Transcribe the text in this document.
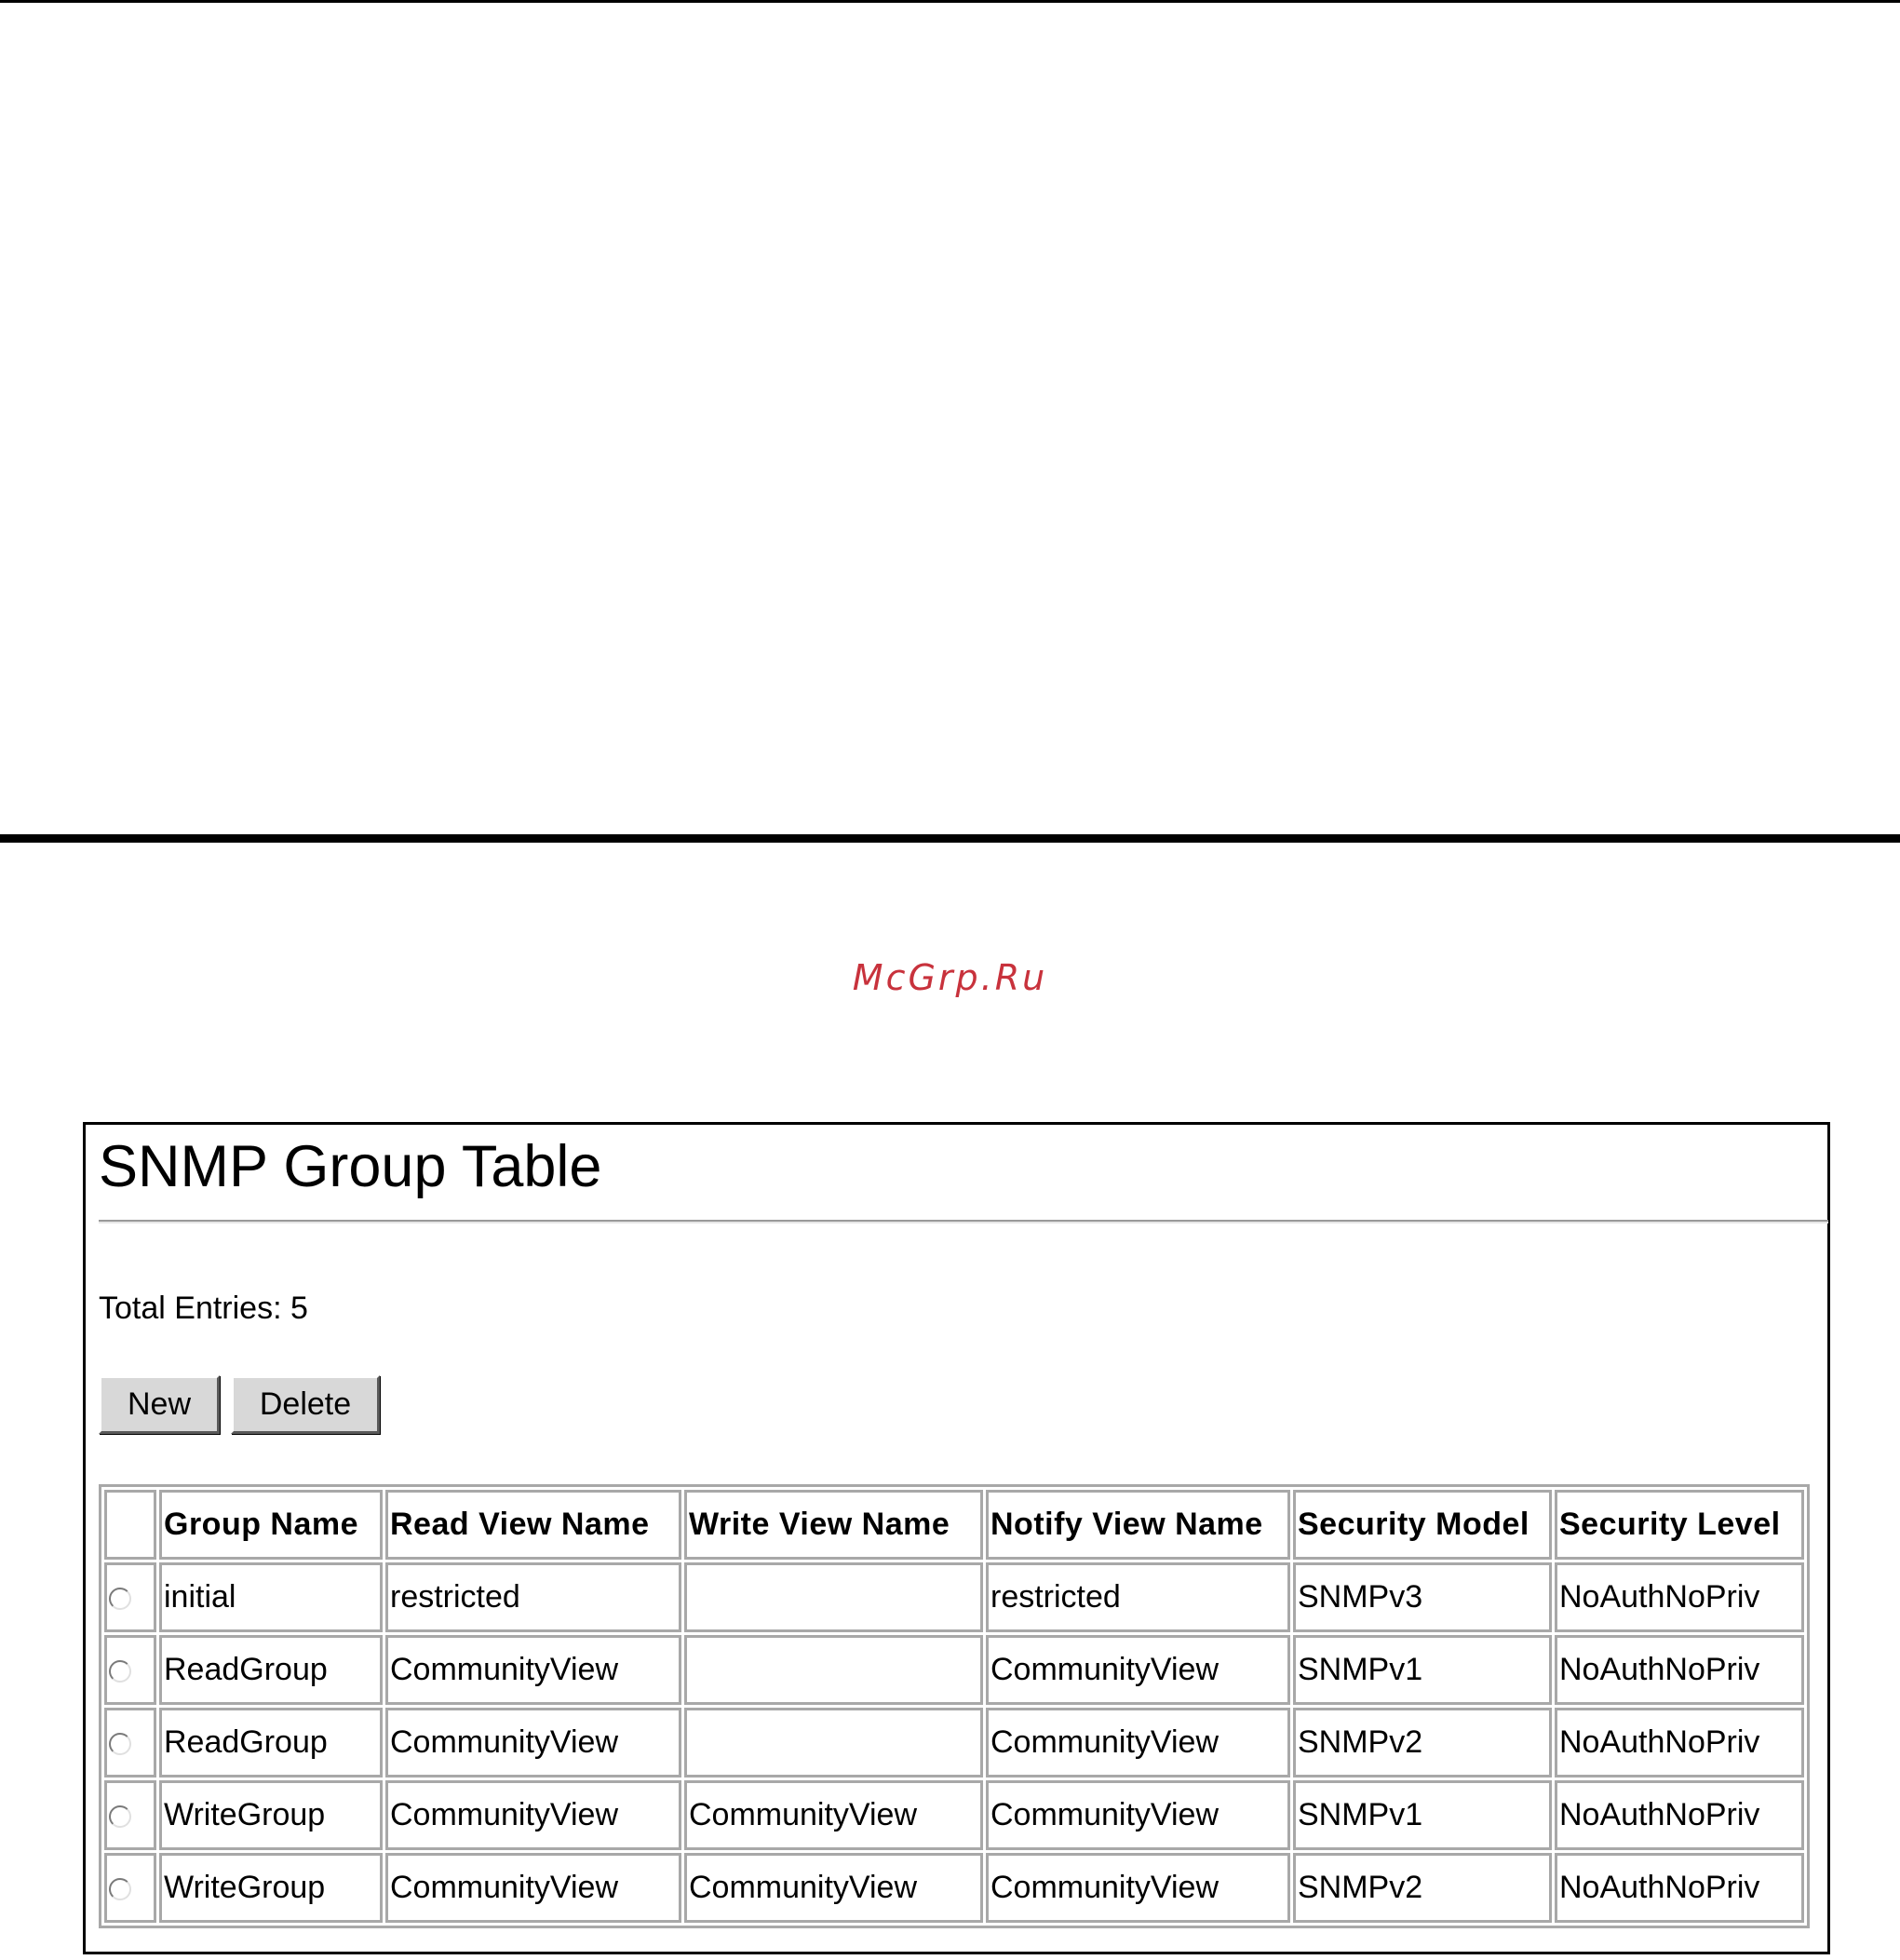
McGrp.Ru
SNMP Group Table
Total Entries: 5
New	Delete
	Group Name	Read View Name	Write View Name	Notify View Name	Security Model	Security Level
	initial	restricted		restricted	SNMPv3	NoAuthNoPriv
	ReadGroup	CommunityView		CommunityView	SNMPv1	NoAuthNoPriv
	ReadGroup	CommunityView		CommunityView	SNMPv2	NoAuthNoPriv
	WriteGroup	CommunityView	CommunityView	CommunityView	SNMPv1	NoAuthNoPriv
	WriteGroup	CommunityView	CommunityView	CommunityView	SNMPv2	NoAuthNoPriv
